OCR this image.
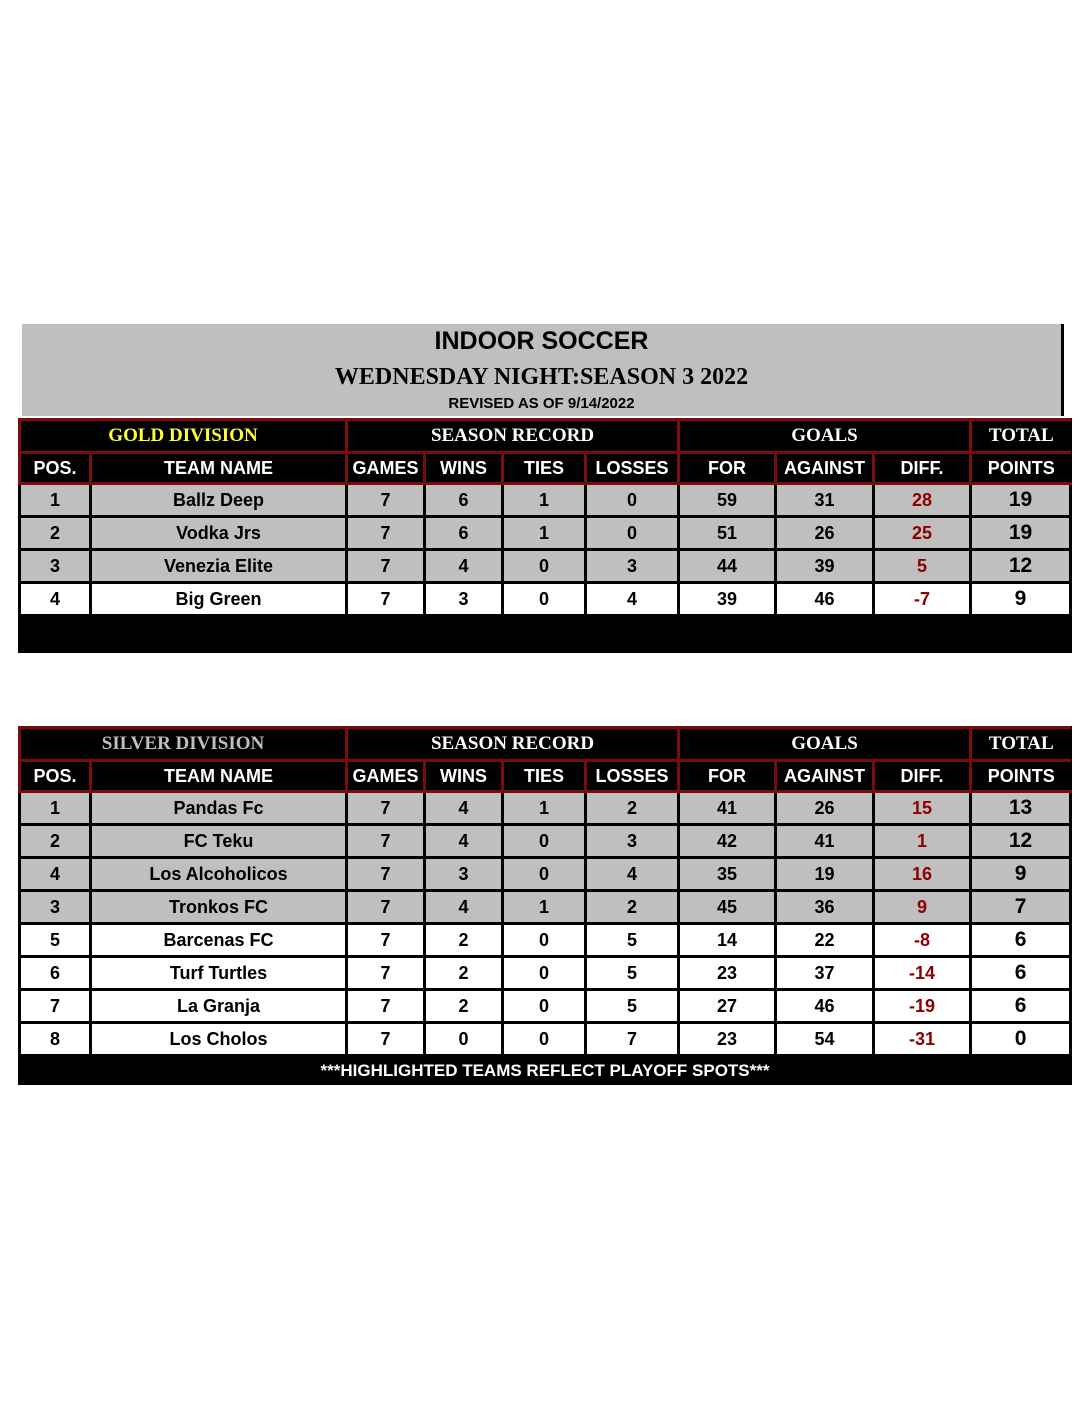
INDOOR SOCCER
WEDNESDAY NIGHT:SEASON 3 2022
REVISED AS OF 9/14/2022
GOLD DIVISION		SEASON RECORD				GOALS			TOTAL
POS.	TEAM NAME	GAMES	WINS	TIES	LOSSES	FOR	AGAINST	DIFF.	POINTS
1	Ballz Deep	7	6	1	0	59	31	28	19
2	Vodka Jrs	7	6	1	0	51	26	25	19
3	Venezia Elite	7	4	0	3	44	39	5	12
4	Big Green	7	3	0	4	39	46	-7	9

SILVER DIVISION		SEASON RECORD				GOALS			TOTAL
POS.	TEAM NAME	GAMES	WINS	TIES	LOSSES	FOR	AGAINST	DIFF.	POINTS
1	Pandas Fc	7	4	1	2	41	26	15	13
2	FC Teku	7	4	0	3	42	41	1	12
4	Los Alcoholicos	7	3	0	4	35	19	16	9
3	Tronkos FC	7	4	1	2	45	36	9	7
5	Barcenas FC	7	2	0	5	14	22	-8	6
6	Turf Turtles	7	2	0	5	23	37	-14	6
7	La Granja	7	2	0	5	27	46	-19	6
8	Los Cholos	7	0	0	7	23	54	-31	0
***HIGHLIGHTED TEAMS REFLECT PLAYOFF SPOTS***									
